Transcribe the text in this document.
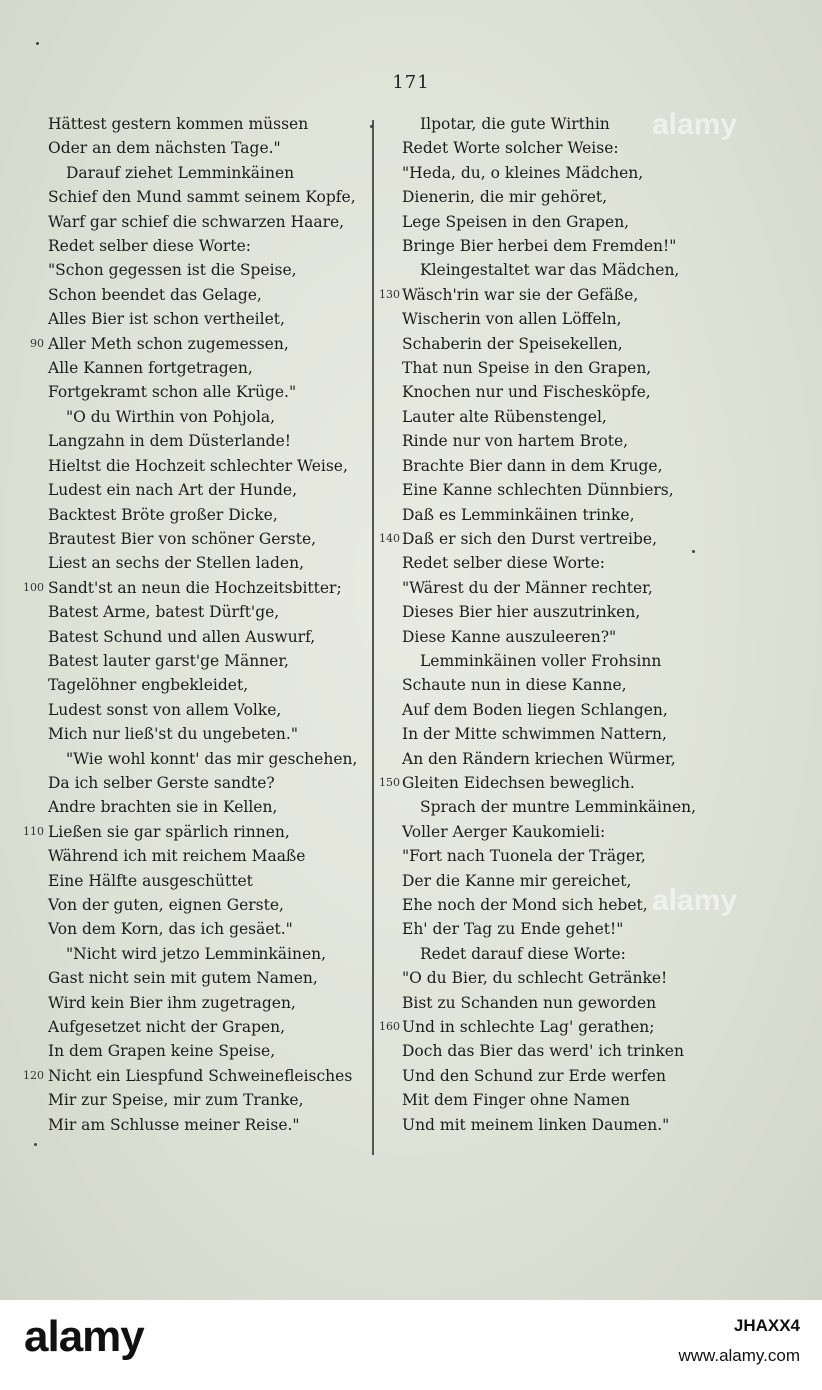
171
Hättest gestern kommen müssen
Oder an dem nächsten Tage."
Darauf ziehet Lemminkäinen
Schief den Mund sammt seinem Kopfe,
Warf gar schief die schwarzen Haare,
Redet selber diese Worte:
"Schon gegessen ist die Speise,
Schon beendet das Gelage,
Alles Bier ist schon vertheilet,
90 Aller Meth schon zugemessen,
Alle Kannen fortgetragen,
Fortgekramt schon alle Krüge."
"O du Wirthin von Pohjola,
Langzahn in dem Düsterlande!
Hieltst die Hochzeit schlechter Weise,
Ludest ein nach Art der Hunde,
Backtest Bröte großer Dicke,
Brautest Bier von schöner Gerste,
Liest an sechs der Stellen laden,
100 Sandt'st an neun die Hochzeitsbitter;
Batest Arme, batest Dürft'ge,
Batest Schund und allen Auswurf,
Batest lauter garst'ge Männer,
Tagelöhner engbekleidet,
Ludest sonst von allem Volke,
Mich nur ließ'st du ungebeten."
"Wie wohl konnt' das mir geschehen,
Da ich selber Gerste sandte?
Andre brachten sie in Kellen,
110 Ließen sie gar spärlich rinnen,
Während ich mit reichem Maaße
Eine Hälfte ausgeschüttet
Von der guten, eignen Gerste,
Von dem Korn, das ich gesäet."
"Nicht wird jetzo Lemminkäinen,
Gast nicht sein mit gutem Namen,
Wird kein Bier ihm zugetragen,
Aufgesetzet nicht der Grapen,
In dem Grapen keine Speise,
120 Nicht ein Liespfund Schweinefleisches
Mir zur Speise, mir zum Tranke,
Mir am Schlusse meiner Reise."
Ilpotar, die gute Wirthin
Redet Worte solcher Weise:
"Heda, du, o kleines Mädchen,
Dienerin, die mir gehöret,
Lege Speisen in den Grapen,
Bringe Bier herbei dem Fremden!"
Kleingestaltet war das Mädchen,
130 Wäsch'rin war sie der Gefäße,
Wischerin von allen Löffeln,
Schaberin der Speisekellen,
That nun Speise in den Grapen,
Knochen nur und Fischesköpfe,
Lauter alte Rübenstengel,
Rinde nur von hartem Brote,
Brachte Bier dann in dem Kruge,
Eine Kanne schlechten Dünnbiers,
Daß es Lemminkäinen trinke,
140 Daß er sich den Durst vertreibe,
Redet selber diese Worte:
"Wärest du der Männer rechter,
Dieses Bier hier auszutrinken,
Diese Kanne auszuleeren?"
Lemminkäinen voller Frohsinn
Schaute nun in diese Kanne,
Auf dem Boden liegen Schlangen,
In der Mitte schwimmen Nattern,
An den Rändern kriechen Würmer,
150 Gleiten Eidechsen beweglich.
Sprach der muntre Lemminkäinen,
Voller Aerger Kaukomieli:
"Fort nach Tuonela der Träger,
Der die Kanne mir gereichet,
Ehe noch der Mond sich hebet,
Eh' der Tag zu Ende gehet!"
Redet darauf diese Worte:
"O du Bier, du schlecht Getränke!
Bist zu Schanden nun geworden
160 Und in schlechte Lag' gerathen;
Doch das Bier das werd' ich trinken
Und den Schund zur Erde werfen
Mit dem Finger ohne Namen
Und mit meinem linken Daumen."
alamy
alamy
alamy	JHAXX4
www.alamy.com
